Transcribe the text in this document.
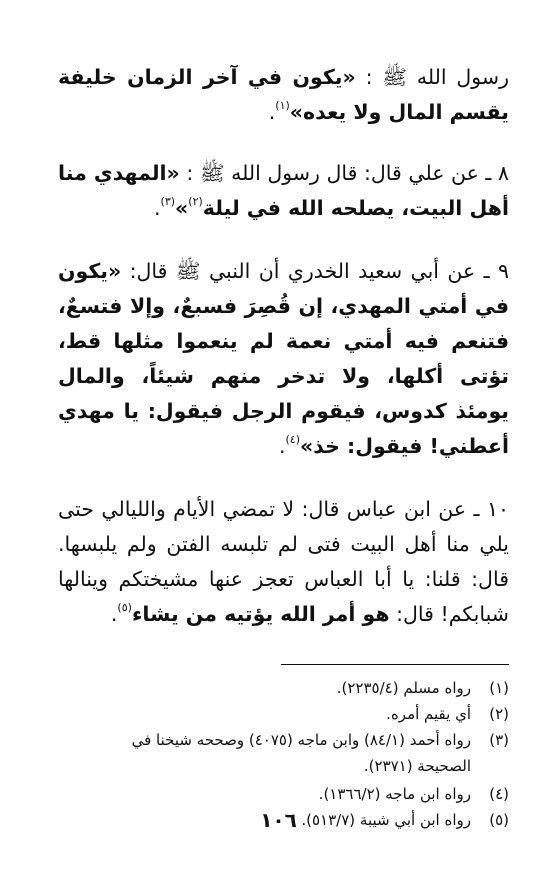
رسول الله ﷺ : «يكون في آخر الزمان خليفة يقسم المال ولا يعده»$^{(١)}$.

٨ ـ عن علي قال: قال رسول الله ﷺ : «المهدي منا أهل البيت، يصلحه الله في ليلة$^{(٢)}$»$^{(٣)}$.

٩ ـ عن أبي سعيد الخدري أن النبي ﷺ قال: «يكون في أمتي المهدي، إن قُصِرَ فسبعٌ، وإلا فتسعٌ، فتنعم فيه أمتي نعمة لم ينعموا مثلها قط، تؤتى أكلها، ولا تدخر منهم شيئاً، والمال يومئذ كدوس، فيقوم الرجل فيقول: يا مهدي أعطني! فيقول: خذ»$^{(٤)}$.

١٠ ـ عن ابن عباس قال: لا تمضي الأيام والليالي حتى يلي منا أهل البيت فتى لم تلبسه الفتن ولم يلبسها. قال: قلنا: يا أبا العباس تعجز عنها مشيختكم وينالها شبابكم! قال: هو أمر الله يؤتيه من يشاء$^{(٥)}$.

(١)
رواه مسلم (٢٢٣٥/٤).

(٢)
أي يقيم أمره.

(٣)
رواه أحمد (٨٤/١) وابن ماجه (٤٠٧٥) وصححه شيخنا في

الصحيحة (٢٣٧١).

(٤)
رواه ابن ماجه (١٣٦٦/٢).

(٥)
رواه ابن أبي شيبة (٥١٣/٧).

١٠٦
